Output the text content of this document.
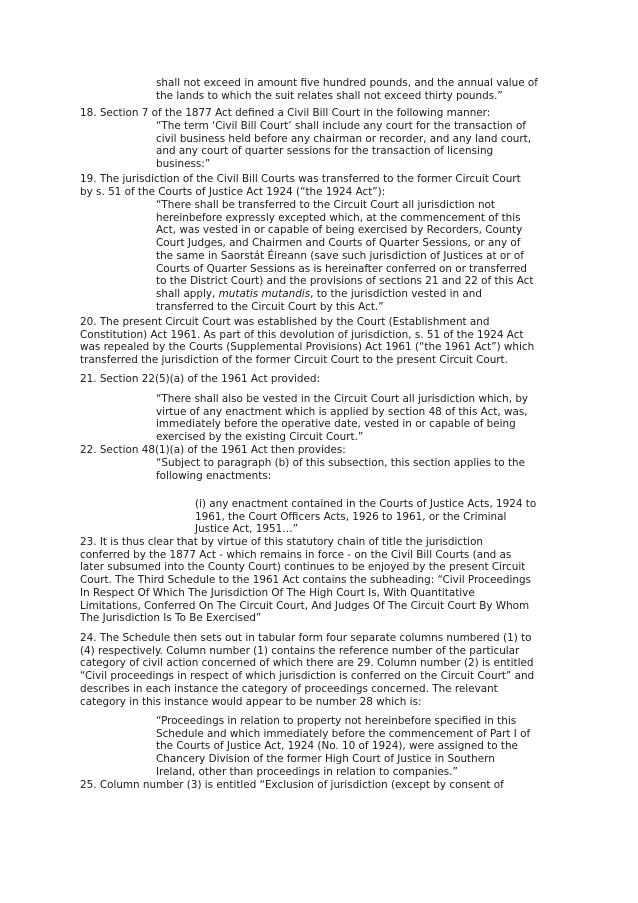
shall not exceed in amount five hundred pounds, and the annual value of
the lands to which the suit relates shall not exceed thirty pounds.”
18. Section 7 of the 1877 Act defined a Civil Bill Court in the following manner:
“The term ‘Civil Bill Court’ shall include any court for the transaction of
civil business held before any chairman or recorder, and any land court,
and any court of quarter sessions for the transaction of licensing
business:”
19. The jurisdiction of the Civil Bill Courts was transferred to the former Circuit Court
by s. 51 of the Courts of Justice Act 1924 (“the 1924 Act”):
“There shall be transferred to the Circuit Court all jurisdiction not
hereinbefore expressly excepted which, at the commencement of this
Act, was vested in or capable of being exercised by Recorders, County
Court Judges, and Chairmen and Courts of Quarter Sessions, or any of
the same in Saorstát Éireann (save such jurisdiction of Justices at or of
Courts of Quarter Sessions as is hereinafter conferred on or transferred
to the District Court) and the provisions of sections 21 and 22 of this Act
shall apply, mutatis mutandis, to the jurisdiction vested in and
transferred to the Circuit Court by this Act.”
20. The present Circuit Court was established by the Court (Establishment and
Constitution) Act 1961. As part of this devolution of jurisdiction, s. 51 of the 1924 Act
was repealed by the Courts (Supplemental Provisions) Act 1961 (“the 1961 Act”) which
transferred the jurisdiction of the former Circuit Court to the present Circuit Court.
21. Section 22(5)(a) of the 1961 Act provided:
“There shall also be vested in the Circuit Court all jurisdiction which, by
virtue of any enactment which is applied by section 48 of this Act, was,
immediately before the operative date, vested in or capable of being
exercised by the existing Circuit Court.”
22. Section 48(1)(a) of the 1961 Act then provides:
“Subject to paragraph (b) of this subsection, this section applies to the
following enactments:
(i) any enactment contained in the Courts of Justice Acts, 1924 to
1961, the Court Officers Acts, 1926 to 1961, or the Criminal
Justice Act, 1951…”
23. It is thus clear that by virtue of this statutory chain of title the jurisdiction
conferred by the 1877 Act - which remains in force - on the Civil Bill Courts (and as
later subsumed into the County Court) continues to be enjoyed by the present Circuit
Court. The Third Schedule to the 1961 Act contains the subheading: “Civil Proceedings
In Respect Of Which The Jurisdiction Of The High Court Is, With Quantitative
Limitations, Conferred On The Circuit Court, And Judges Of The Circuit Court By Whom
The Jurisdiction Is To Be Exercised”
24. The Schedule then sets out in tabular form four separate columns numbered (1) to
(4) respectively. Column number (1) contains the reference number of the particular
category of civil action concerned of which there are 29. Column number (2) is entitled
“Civil proceedings in respect of which jurisdiction is conferred on the Circuit Court” and
describes in each instance the category of proceedings concerned. The relevant
category in this instance would appear to be number 28 which is:
“Proceedings in relation to property not hereinbefore specified in this
Schedule and which immediately before the commencement of Part I of
the Courts of Justice Act, 1924 (No. 10 of 1924), were assigned to the
Chancery Division of the former High Court of Justice in Southern
Ireland, other than proceedings in relation to companies.”
25. Column number (3) is entitled “Exclusion of jurisdiction (except by consent of
